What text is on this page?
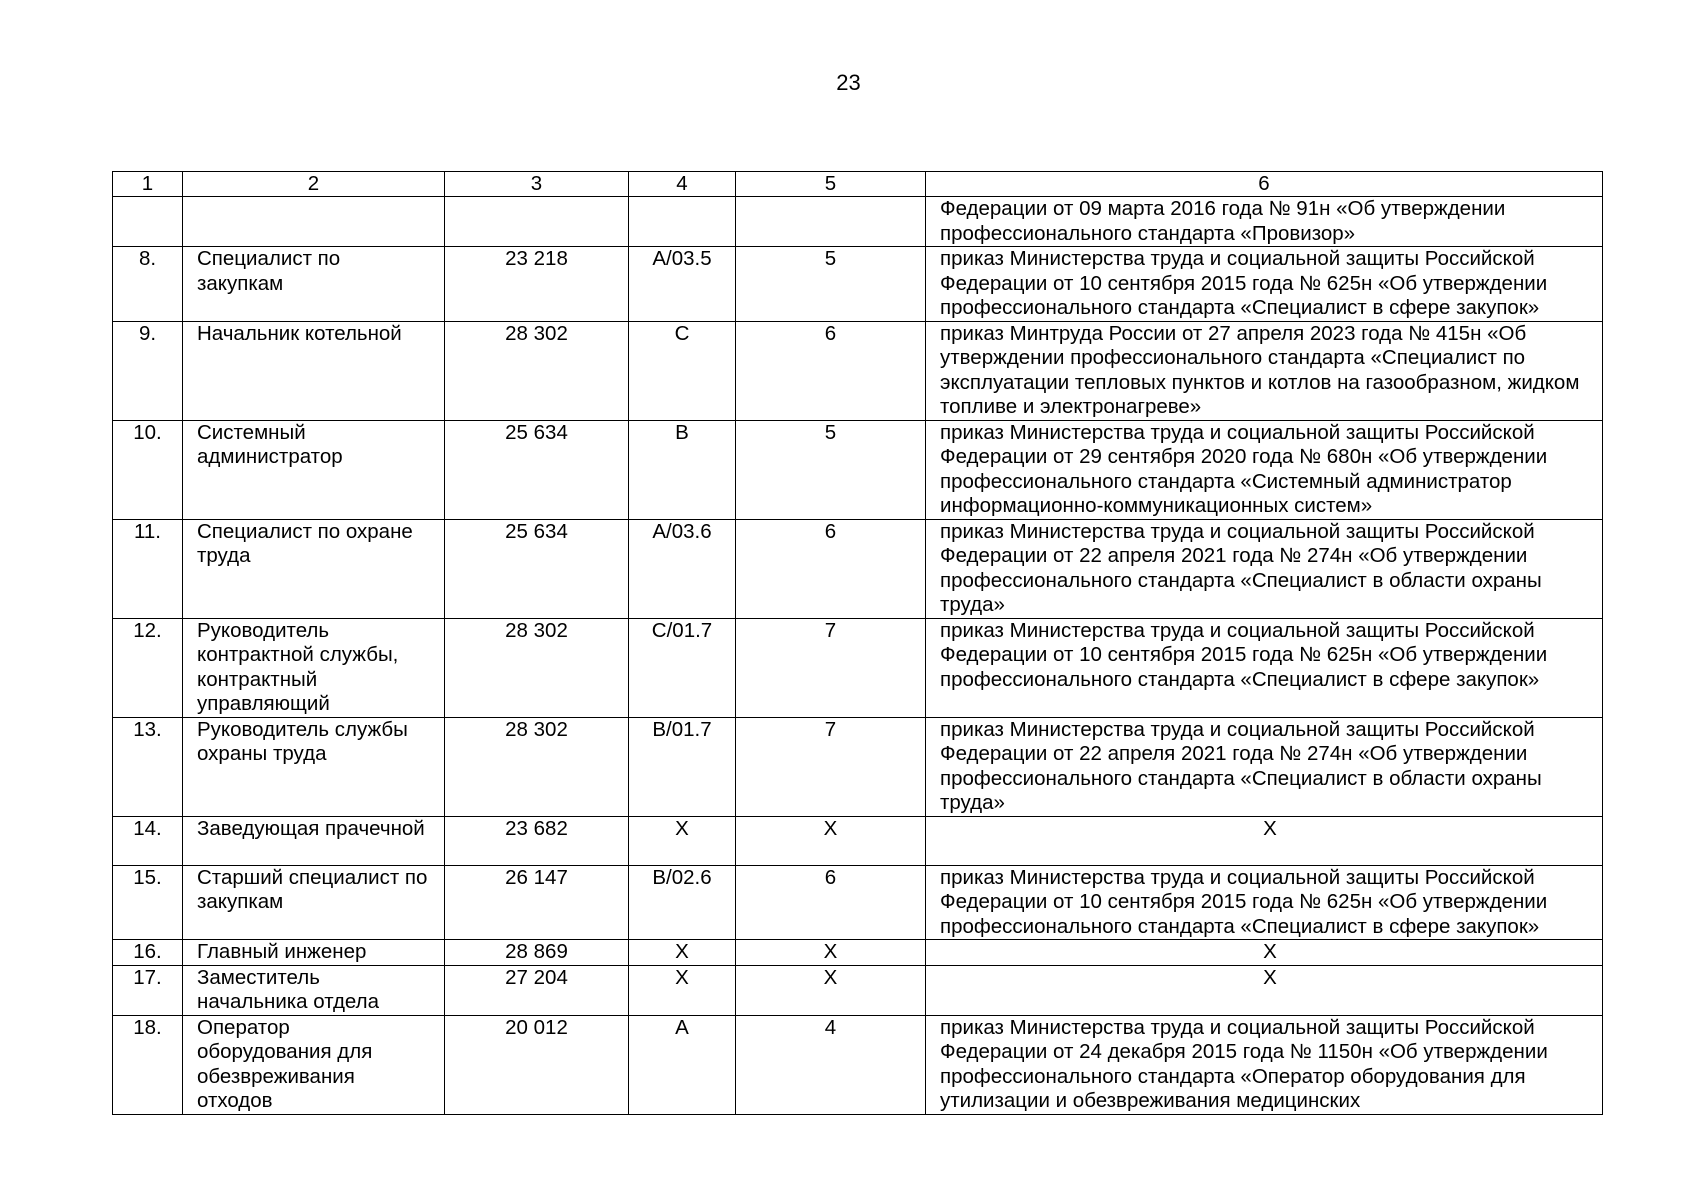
23
1	2	3	4	5	6
					Федерации от 09 марта 2016 года № 91н «Об утверждении профессионального стандарта «Провизор»
8.	Специалист по закупкам	23 218	А/03.5	5	приказ Министерства труда и социальной защиты Российской Федерации от 10 сентября 2015 года № 625н «Об утверждении профессионального стандарта «Специалист в сфере закупок»
9.	Начальник котельной	28 302	С	6	приказ Минтруда России от 27 апреля 2023 года № 415н «Об утверждении профессионального стандарта «Специалист по эксплуатации тепловых пунктов и котлов на газообразном, жидком топливе и электронагреве»
10.	Системный администратор	25 634	В	5	приказ Министерства труда и социальной защиты Российской Федерации от 29 сентября 2020 года № 680н «Об утверждении профессионального стандарта «Системный администратор информационно-коммуникационных систем»
11.	Специалист по охране труда	25 634	А/03.6	6	приказ Министерства труда и социальной защиты Российской Федерации от 22 апреля 2021 года № 274н «Об утверждении профессионального стандарта «Специалист в области охраны труда»
12.	Руководитель контрактной службы, контрактный управляющий	28 302	С/01.7	7	приказ Министерства труда и социальной защиты Российской Федерации от 10 сентября 2015 года № 625н «Об утверждении профессионального стандарта «Специалист в сфере закупок»
13.	Руководитель службы охраны труда	28 302	В/01.7	7	приказ Министерства труда и социальной защиты Российской Федерации от 22 апреля 2021 года № 274н «Об утверждении профессионального стандарта «Специалист в области охраны труда»
14.	Заведующая прачечной	23 682	Х	Х	Х
15.	Старший специалист по закупкам	26 147	В/02.6	6	приказ Министерства труда и социальной защиты Российской Федерации от 10 сентября 2015 года № 625н «Об утверждении профессионального стандарта «Специалист в сфере закупок»
16.	Главный инженер	28 869	Х	Х	Х
17.	Заместитель начальника отдела	27 204	Х	Х	Х
18.	Оператор оборудования для обезвреживания отходов	20 012	А	4	приказ Министерства труда и социальной защиты Российской Федерации от 24 декабря 2015 года № 1150н «Об утверждении профессионального стандарта «Оператор оборудования для утилизации и обезвреживания медицинских
